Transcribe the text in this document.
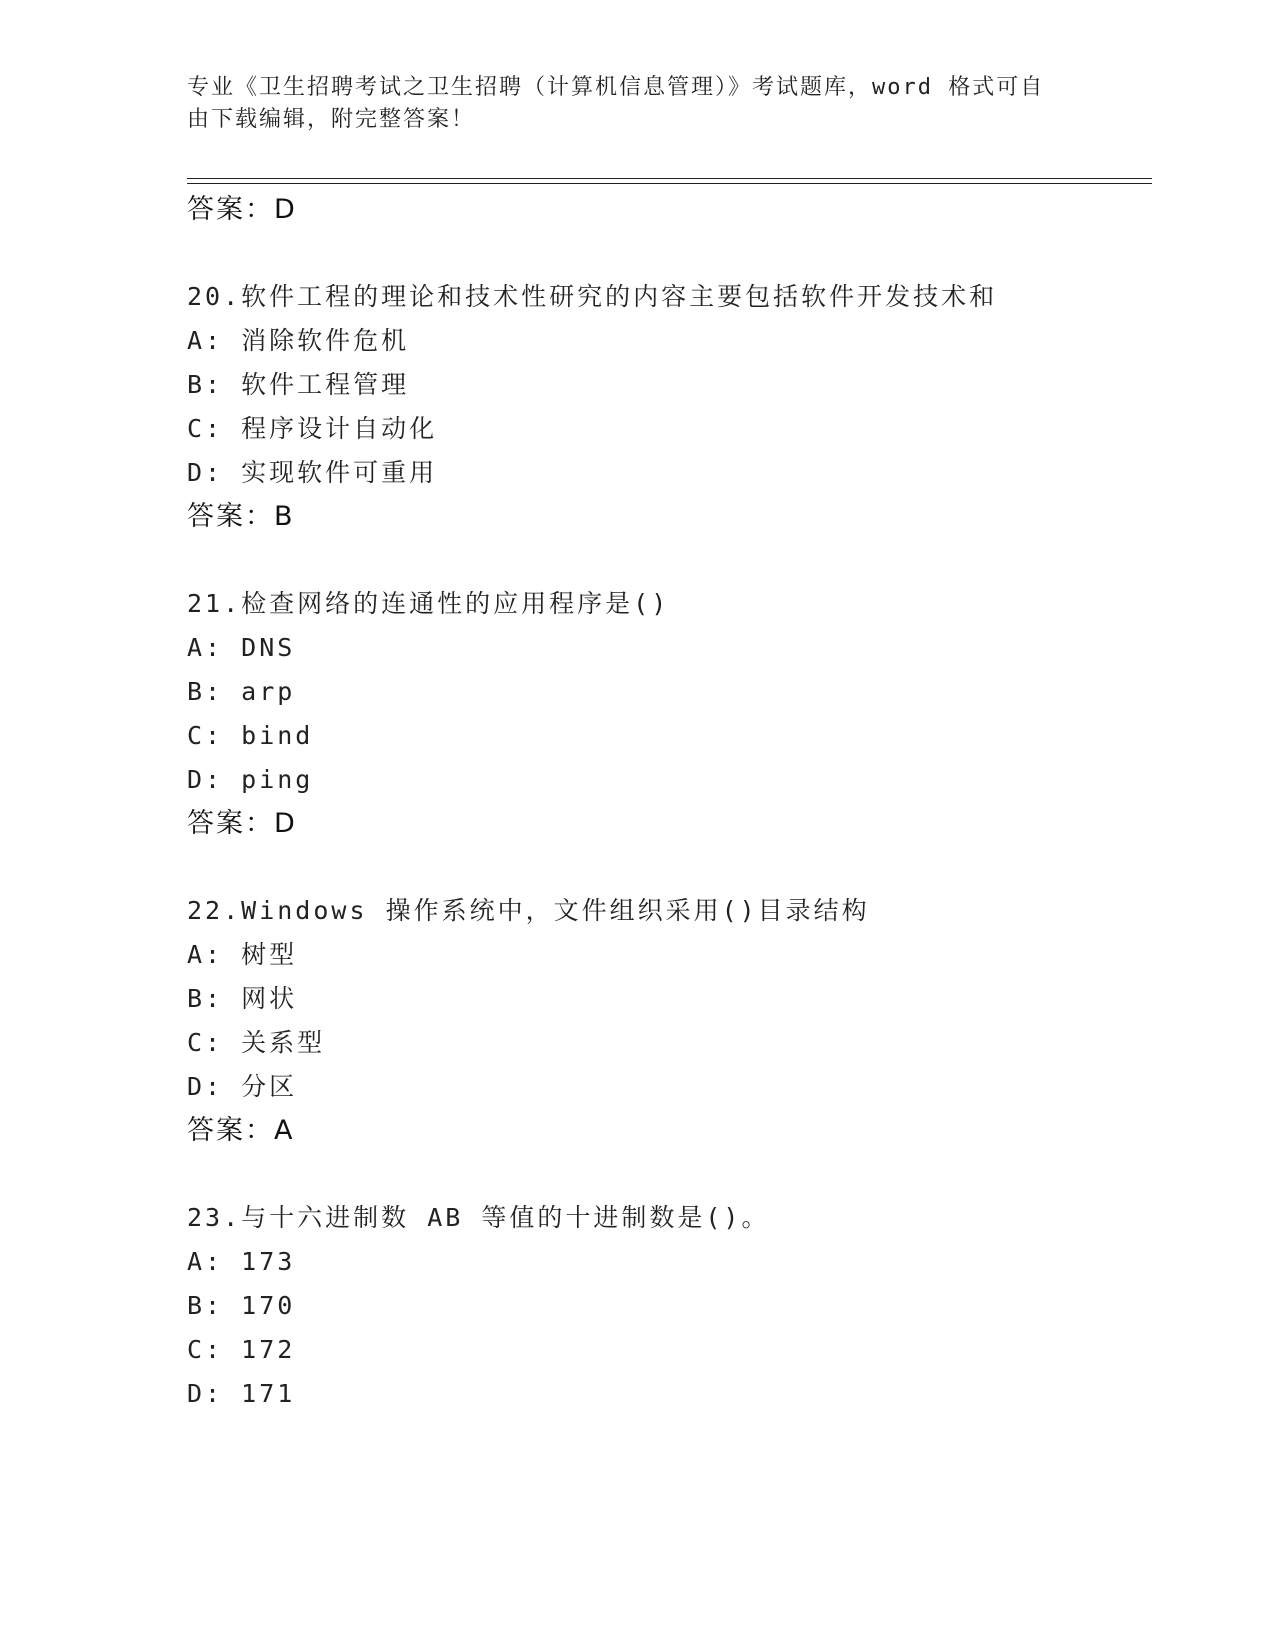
专业《卫生招聘考试之卫生招聘（计算机信息管理）》考试题库，word 格式可自
由下载编辑，附完整答案！
答案：D
20.软件工程的理论和技术性研究的内容主要包括软件开发技术和
A: 消除软件危机
B: 软件工程管理
C: 程序设计自动化
D: 实现软件可重用
答案：B
21.检查网络的连通性的应用程序是()
A: DNS
B: arp
C: bind
D: ping
答案：D
22.Windows 操作系统中，文件组织采用()目录结构
A: 树型
B: 网状
C: 关系型
D: 分区
答案：A
23.与十六进制数 AB 等值的十进制数是()。
A: 173
B: 170
C: 172
D: 171
